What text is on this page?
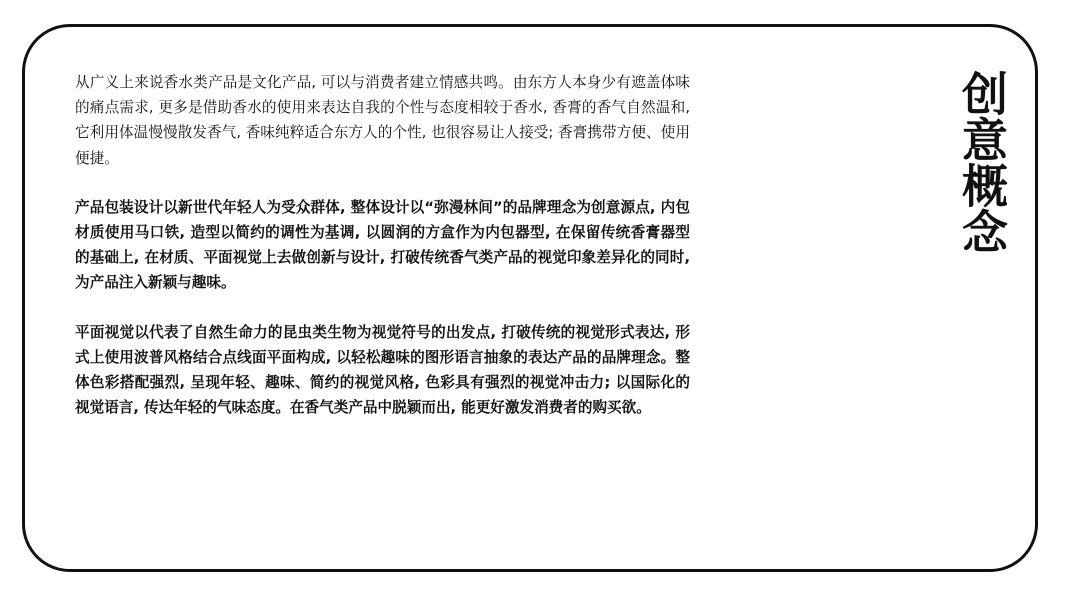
从广义上来说香水类产品是文化产品, 可以与消费者建立情感共鸣。由东方人本身少有遮盖体味的痛点需求, 更多是借助香水的使用来表达自我的个性与态度相较于香水, 香膏的香气自然温和, 它利用体温慢慢散发香气, 香味纯粹适合东方人的个性, 也很容易让人接受; 香膏携带方便、使用便捷。

产品包装设计以新世代年轻人为受众群体, 整体设计以“弥漫林间”的品牌理念为创意源点, 内包材质使用马口铁, 造型以简约的调性为基调, 以圆润的方盒作为内包器型, 在保留传统香膏器型的基础上, 在材质、平面视觉上去做创新与设计, 打破传统香气类产品的视觉印象差异化的同时, 为产品注入新颖与趣味。

平面视觉以代表了自然生命力的昆虫类生物为视觉符号的出发点, 打破传统的视觉形式表达, 形式上使用波普风格结合点线面平面构成, 以轻松趣味的图形语言抽象的表达产品的品牌理念。整体色彩搭配强烈, 呈现年轻、趣味、简约的视觉风格, 色彩具有强烈的视觉冲击力; 以国际化的视觉语言, 传达年轻的气味态度。在香气类产品中脱颖而出, 能更好激发消费者的购买欲。

创意概念
